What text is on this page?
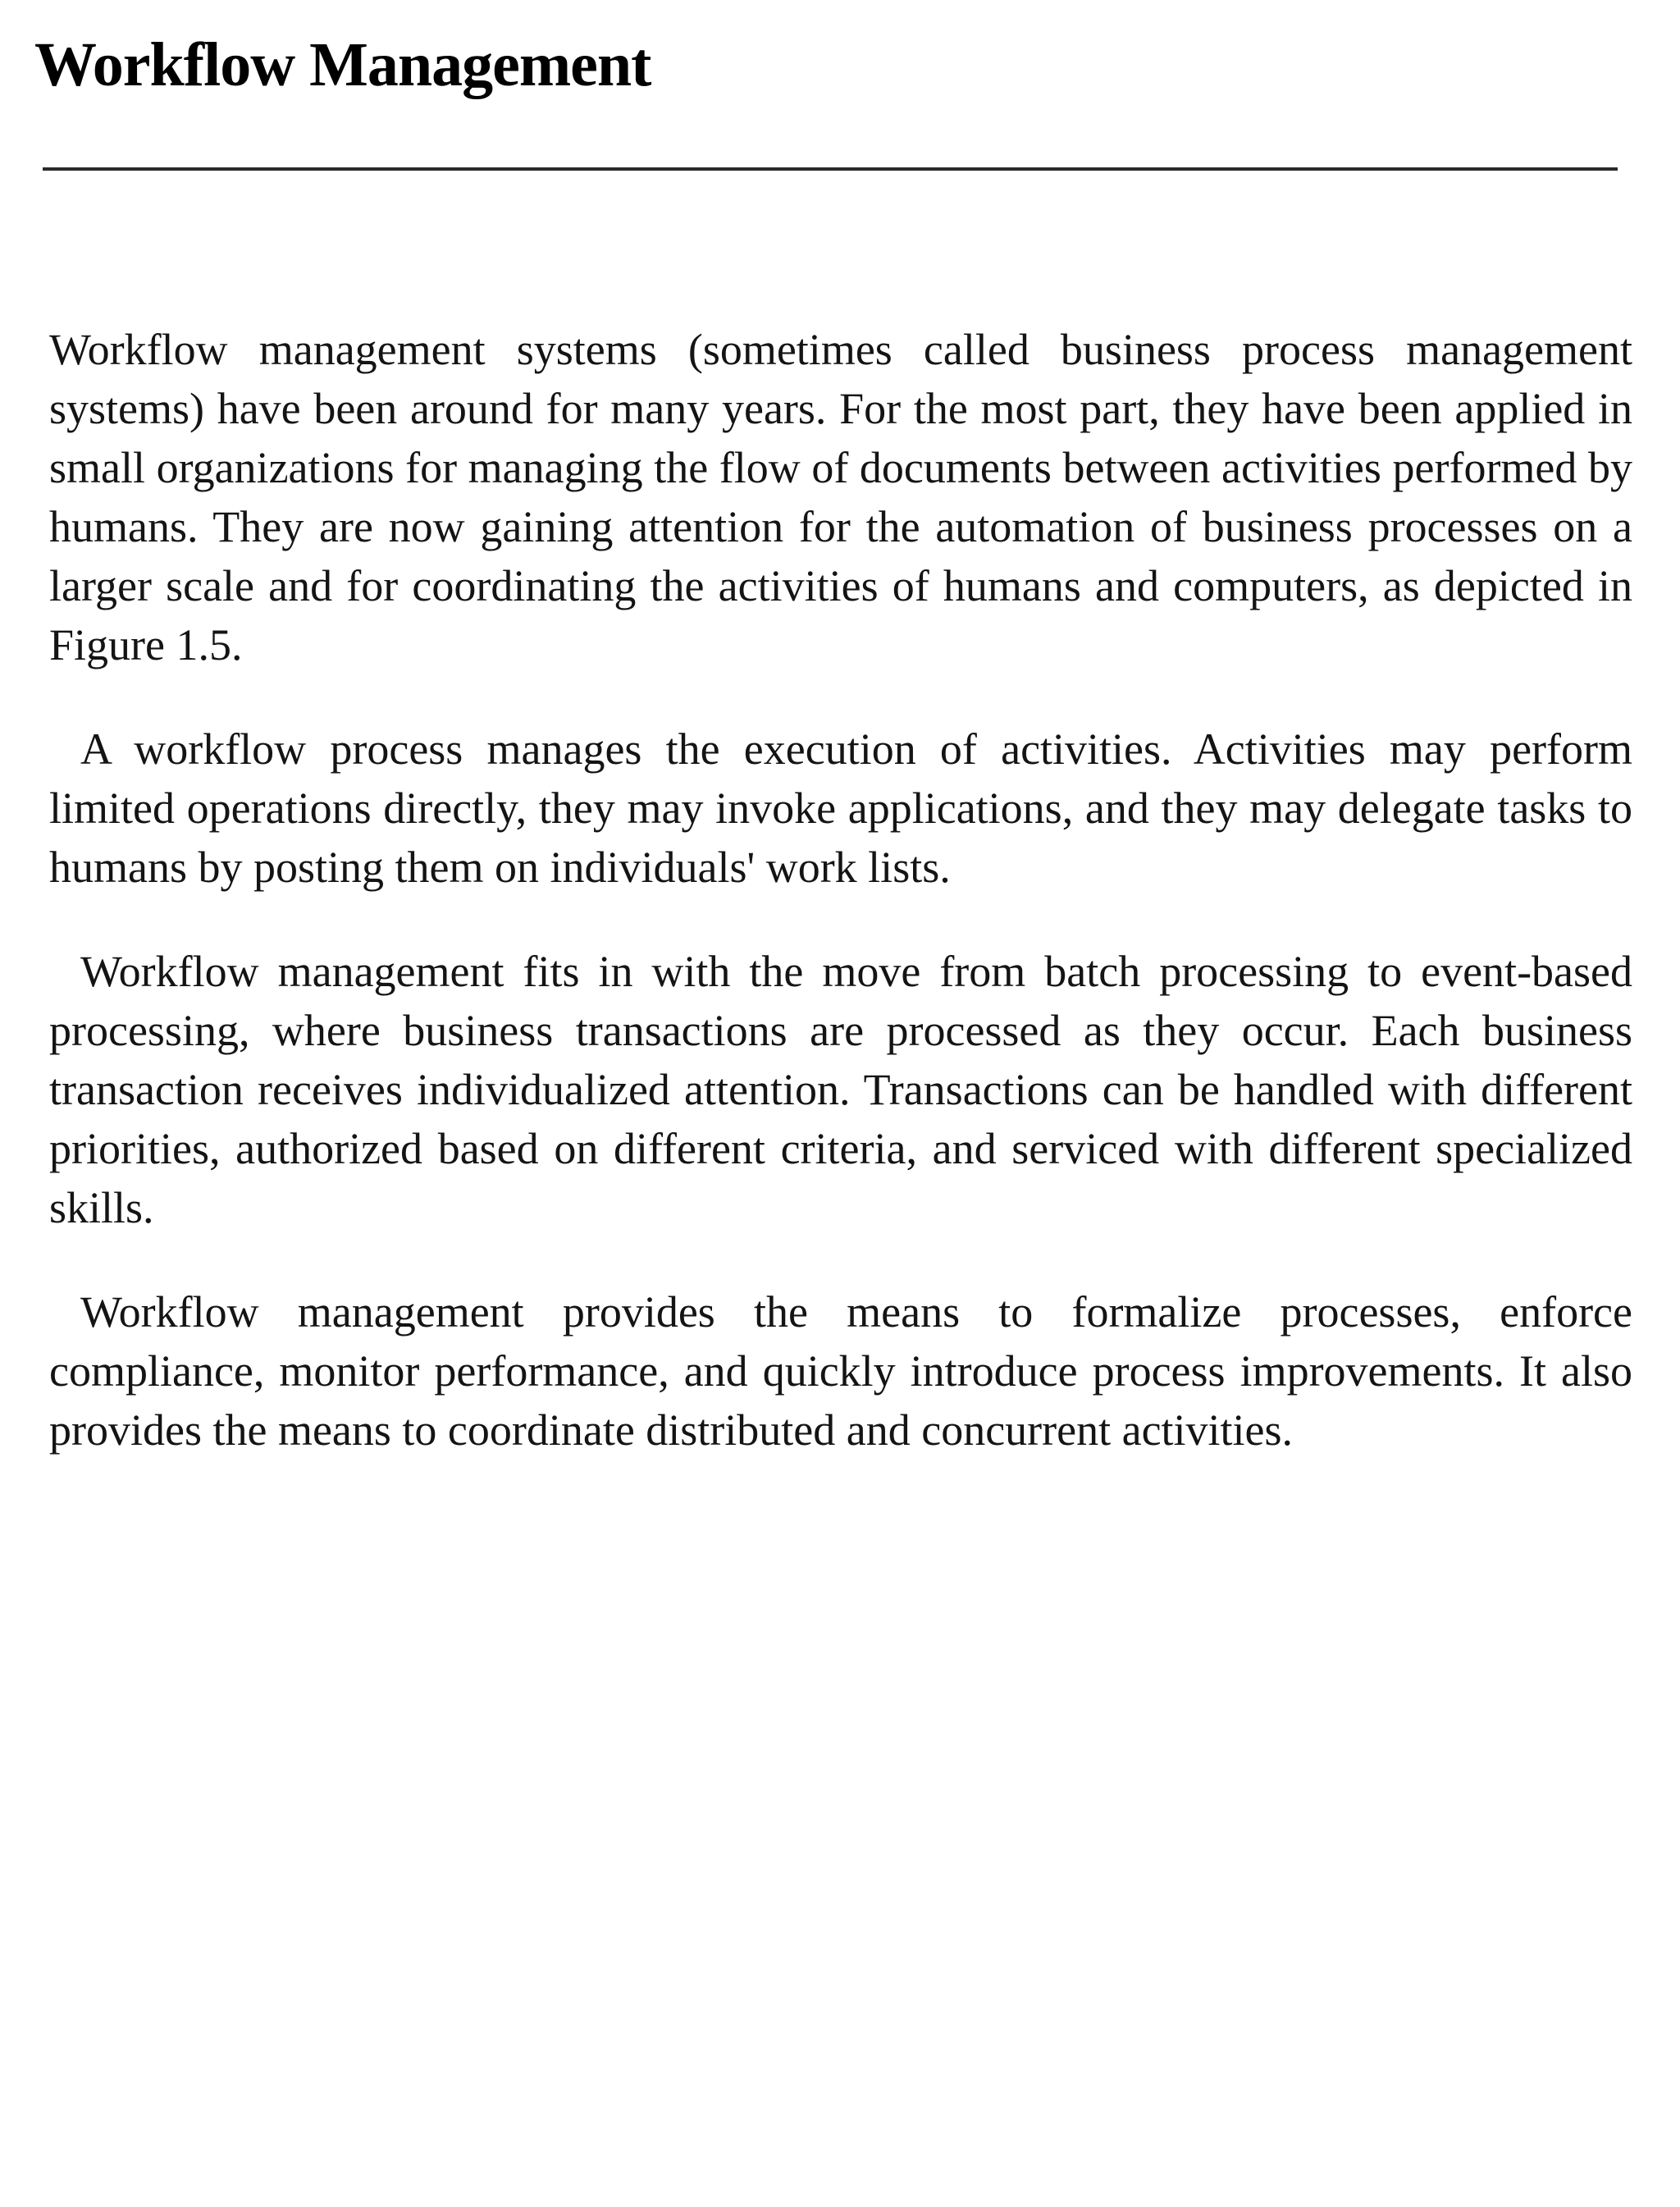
Workflow Management

Workflow management systems (sometimes called business process management systems) have been around for many years. For the most part, they have been applied in small organizations for managing the flow of documents between activities performed by humans. They are now gaining attention for the automation of business processes on a larger scale and for coordinating the activities of humans and computers, as depicted in Figure 1.5.

A workflow process manages the execution of activities. Activities may perform limited operations directly, they may invoke applications, and they may delegate tasks to humans by posting them on individuals' work lists.

Workflow management fits in with the move from batch processing to event-based processing, where business transactions are processed as they occur. Each business transaction receives individualized attention. Transactions can be handled with different priorities, authorized based on different criteria, and serviced with different specialized skills.

Workflow management provides the means to formalize processes, enforce compliance, monitor performance, and quickly introduce process improvements. It also provides the means to coordinate distributed and concurrent activities.
